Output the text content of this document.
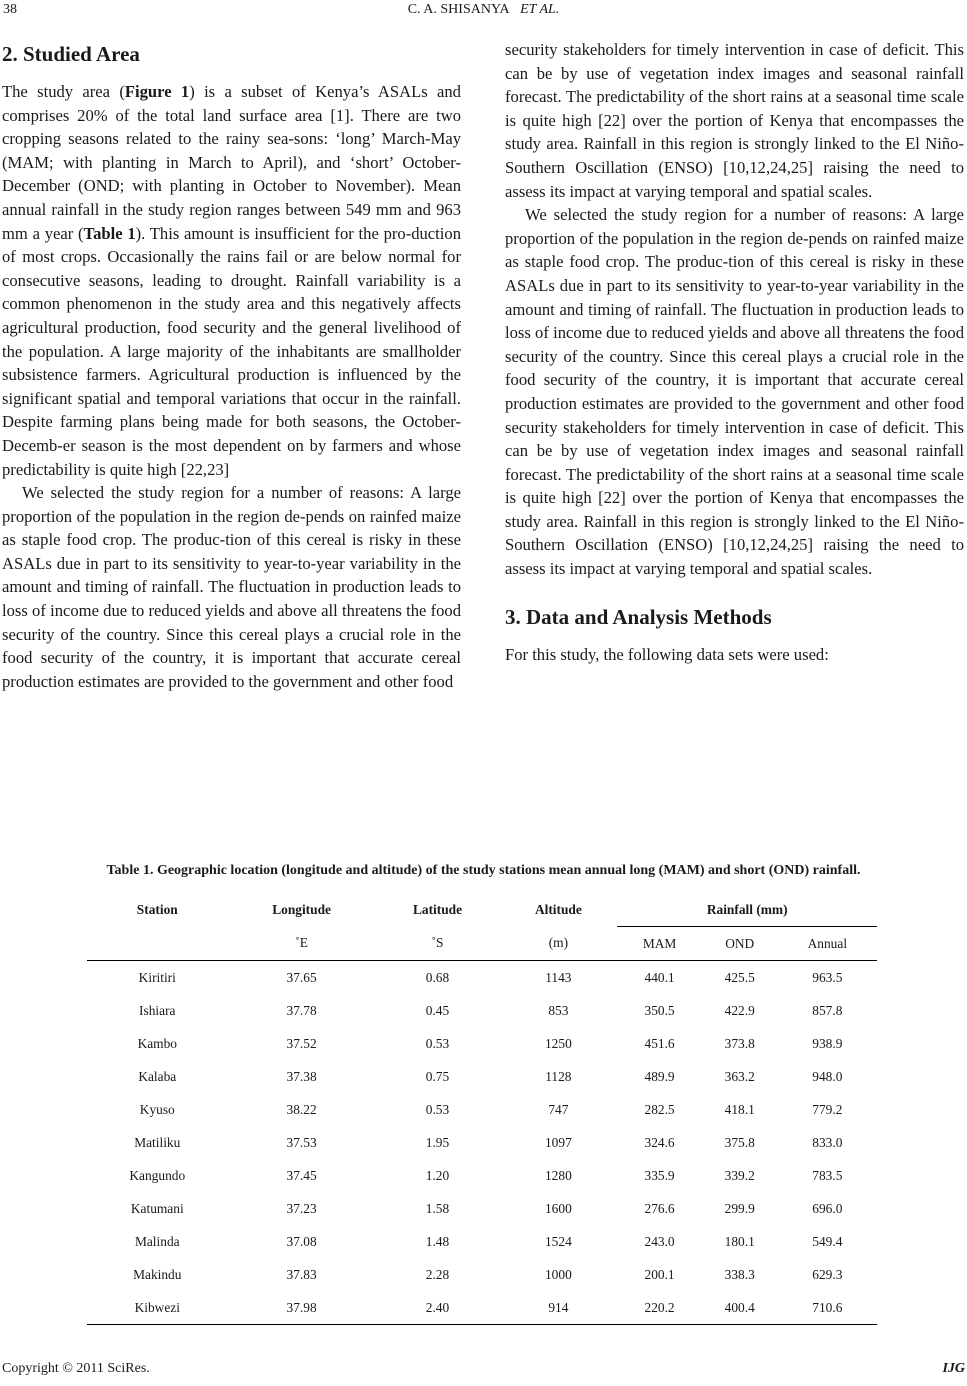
38	C. A. SHISANYA ET AL.
2. Studied Area

The study area (Figure 1) is a subset of Kenya’s ASALs and comprises 20% of the total land surface area [1]. There are two cropping seasons related to the rainy sea-sons: ‘long’ March-May (MAM; with planting in March to April), and ‘short’ October-December (OND; with planting in October to November). Mean annual rainfall in the study region ranges between 549 mm and 963 mm a year (Table 1). This amount is insufficient for the pro-duction of most crops. Occasionally the rains fail or are below normal for consecutive seasons, leading to drought. Rainfall variability is a common phenomenon in the study area and this negatively affects agricultural production, food security and the general livelihood of the population. A large majority of the inhabitants are smallholder subsistence farmers. Agricultural production is influenced by the significant spatial and temporal variations that occur in the rainfall. Despite farming plans being made for both seasons, the October-Decemb-er season is the most dependent on by farmers and whose predictability is quite high [22,23]

We selected the study region for a number of reasons: A large proportion of the population in the region de-pends on rainfed maize as staple food crop. The produc-tion of this cereal is risky in these ASALs due in part to its sensitivity to year-to-year variability in the amount and timing of rainfall. The fluctuation in production leads to loss of income due to reduced yields and above all threatens the food security of the country. Since this cereal plays a crucial role in the food security of the country, it is important that accurate cereal production estimates are provided to the government and other food

security stakeholders for timely intervention in case of deficit. This can be by use of vegetation index images and seasonal rainfall forecast. The predictability of the short rains at a seasonal time scale is quite high [22] over the portion of Kenya that encompasses the study area. Rainfall in this region is strongly linked to the El Niño-Southern Oscillation (ENSO) [10,12,24,25] raising the need to assess its impact at varying temporal and spatial scales.

We selected the study region for a number of reasons: A large proportion of the population in the region de-pends on rainfed maize as staple food crop. The produc-tion of this cereal is risky in these ASALs due in part to its sensitivity to year-to-year variability in the amount and timing of rainfall. The fluctuation in production leads to loss of income due to reduced yields and above all threatens the food security of the country. Since this cereal plays a crucial role in the food security of the country, it is important that accurate cereal production estimates are provided to the government and other food security stakeholders for timely intervention in case of deficit. This can be by use of vegetation index images and seasonal rainfall forecast. The predictability of the short rains at a seasonal time scale is quite high [22] over the portion of Kenya that encompasses the study area. Rainfall in this region is strongly linked to the El Niño-Southern Oscillation (ENSO) [10,12,24,25] raising the need to assess its impact at varying temporal and spatial scales.

3. Data and Analysis Methods

For this study, the following data sets were used:

Table 1. Geographic location (longitude and altitude) of the study stations mean annual long (MAM) and short (OND) rainfall.
Station	Longitude	Latitude	Altitude	Rainfall (mm)		
	˚E	˚S	(m)	MAM	OND	Annual
Kiritiri	37.65	0.68	1143	440.1	425.5	963.5
Ishiara	37.78	0.45	853	350.5	422.9	857.8
Kambo	37.52	0.53	1250	451.6	373.8	938.9
Kalaba	37.38	0.75	1128	489.9	363.2	948.0
Kyuso	38.22	0.53	747	282.5	418.1	779.2
Matiliku	37.53	1.95	1097	324.6	375.8	833.0
Kangundo	37.45	1.20	1280	335.9	339.2	783.5
Katumani	37.23	1.58	1600	276.6	299.9	696.0
Malinda	37.08	1.48	1524	243.0	180.1	549.4
Makindu	37.83	2.28	1000	200.1	338.3	629.3
Kibwezi	37.98	2.40	914	220.2	400.4	710.6
Copyright © 2011 SciRes.	IJG
